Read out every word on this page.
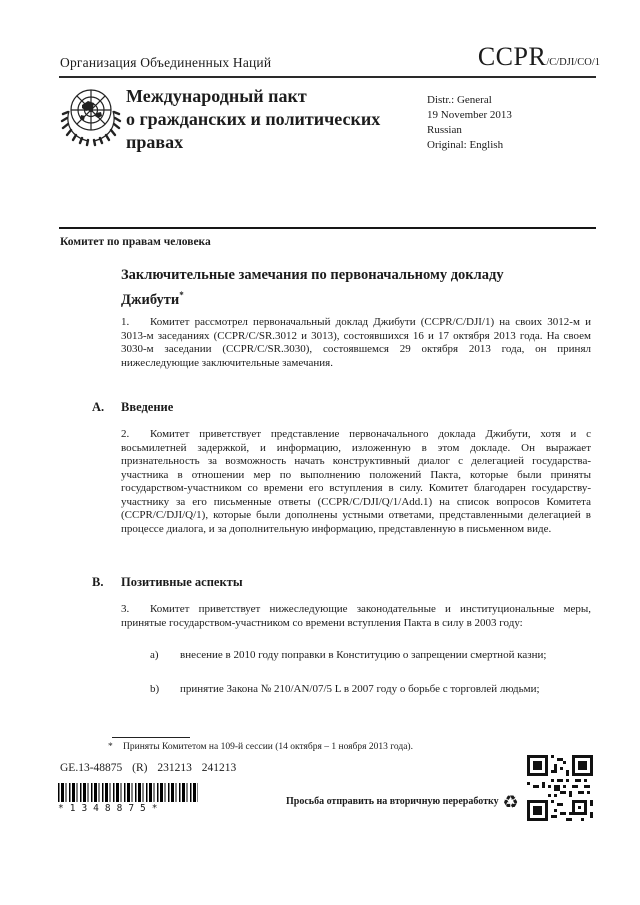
Организация Объединенных Наций	CCPR/C/DJI/CO/1
Международный пакт
о гражданских и политических
правах
Distr.: General
19 November 2013
Russian
Original: English
Комитет по правам человека
Заключительные замечания по первоначальному докладу Джибути*
1. Комитет рассмотрел первоначальный доклад Джибути (CCPR/C/DJI/1) на своих 3012-м и 3013-м заседаниях (CCPR/C/SR.3012 и 3013), состоявшихся 16 и 17 октября 2013 года. На своем 3030-м заседании (CCPR/C/SR.3030), состоявшемся 29 октября 2013 года, он принял нижеследующие заключительные замечания.
A. Введение
2. Комитет приветствует представление первоначального доклада Джибути, хотя и с восьмилетней задержкой, и информацию, изложенную в этом докладе. Он выражает признательность за возможность начать конструктивный диалог с делегацией государства-участника в отношении мер по выполнению положений Пакта, которые были приняты государством-участником со времени его вступления в силу. Комитет благодарен государству-участнику за его письменные ответы (CCPR/C/DJI/Q/1/Add.1) на список вопросов Комитета (CCPR/C/DJI/Q/1), которые были дополнены устными ответами, представленными делегацией в процессе диалога, и за дополнительную информацию, представленную в письменном виде.
B. Позитивные аспекты
3. Комитет приветствует нижеследующие законодательные и институциональные меры, принятые государством-участником со времени вступления Пакта в силу в 2003 году:
a) внесение в 2010 году поправки в Конституцию о запрещении смертной казни;
b) принятие Закона № 210/AN/07/5 L в 2007 году о борьбе с торговлей людьми;
* Приняты Комитетом на 109-й сессии (14 октября – 1 ноября 2013 года).
GE.13-48875 (R) 231213 241213
*1348875*
Просьба отправить на вторичную переработку ♻
